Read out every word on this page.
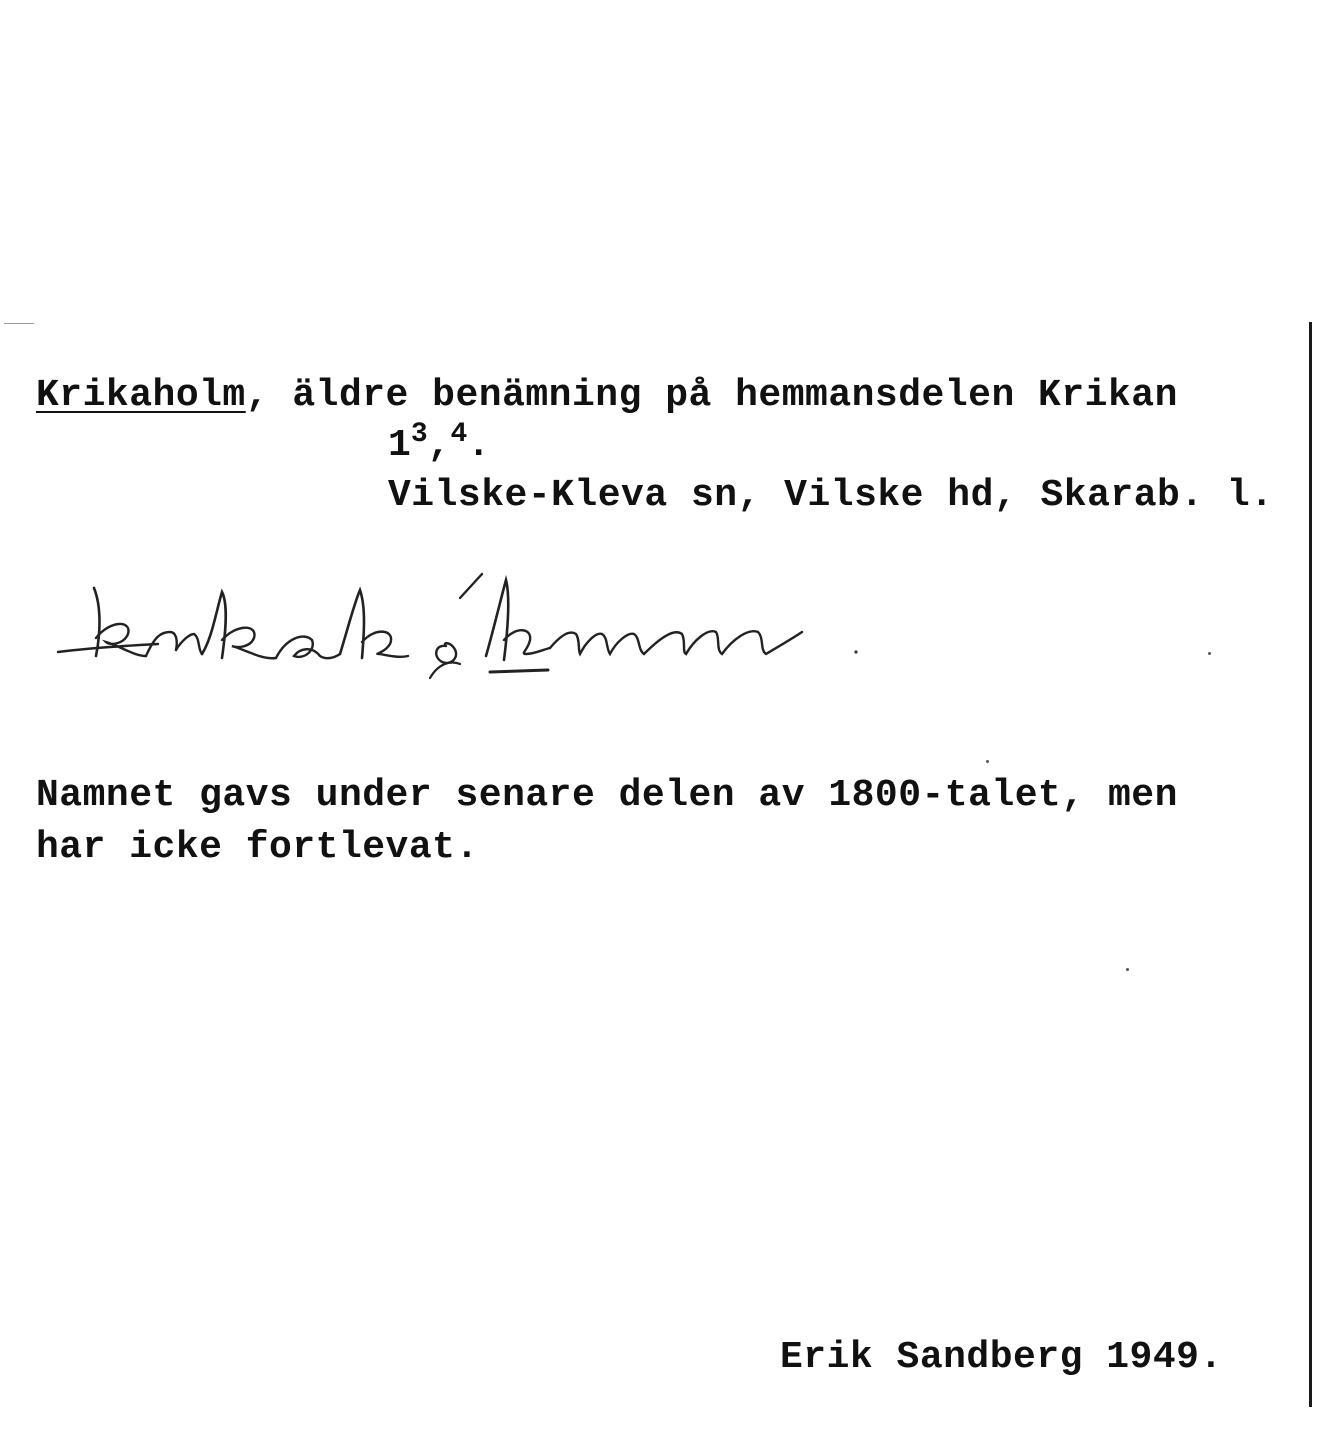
Krikaholm, äldre benämning på hemmansdelen Krikan
$1^3,^4$.
Vilske-Kleva sn, Vilske hd, Skarab. l.
Namnet gavs under senare delen av 1800-talet, men
har icke fortlevat.
Erik Sandberg 1949.
